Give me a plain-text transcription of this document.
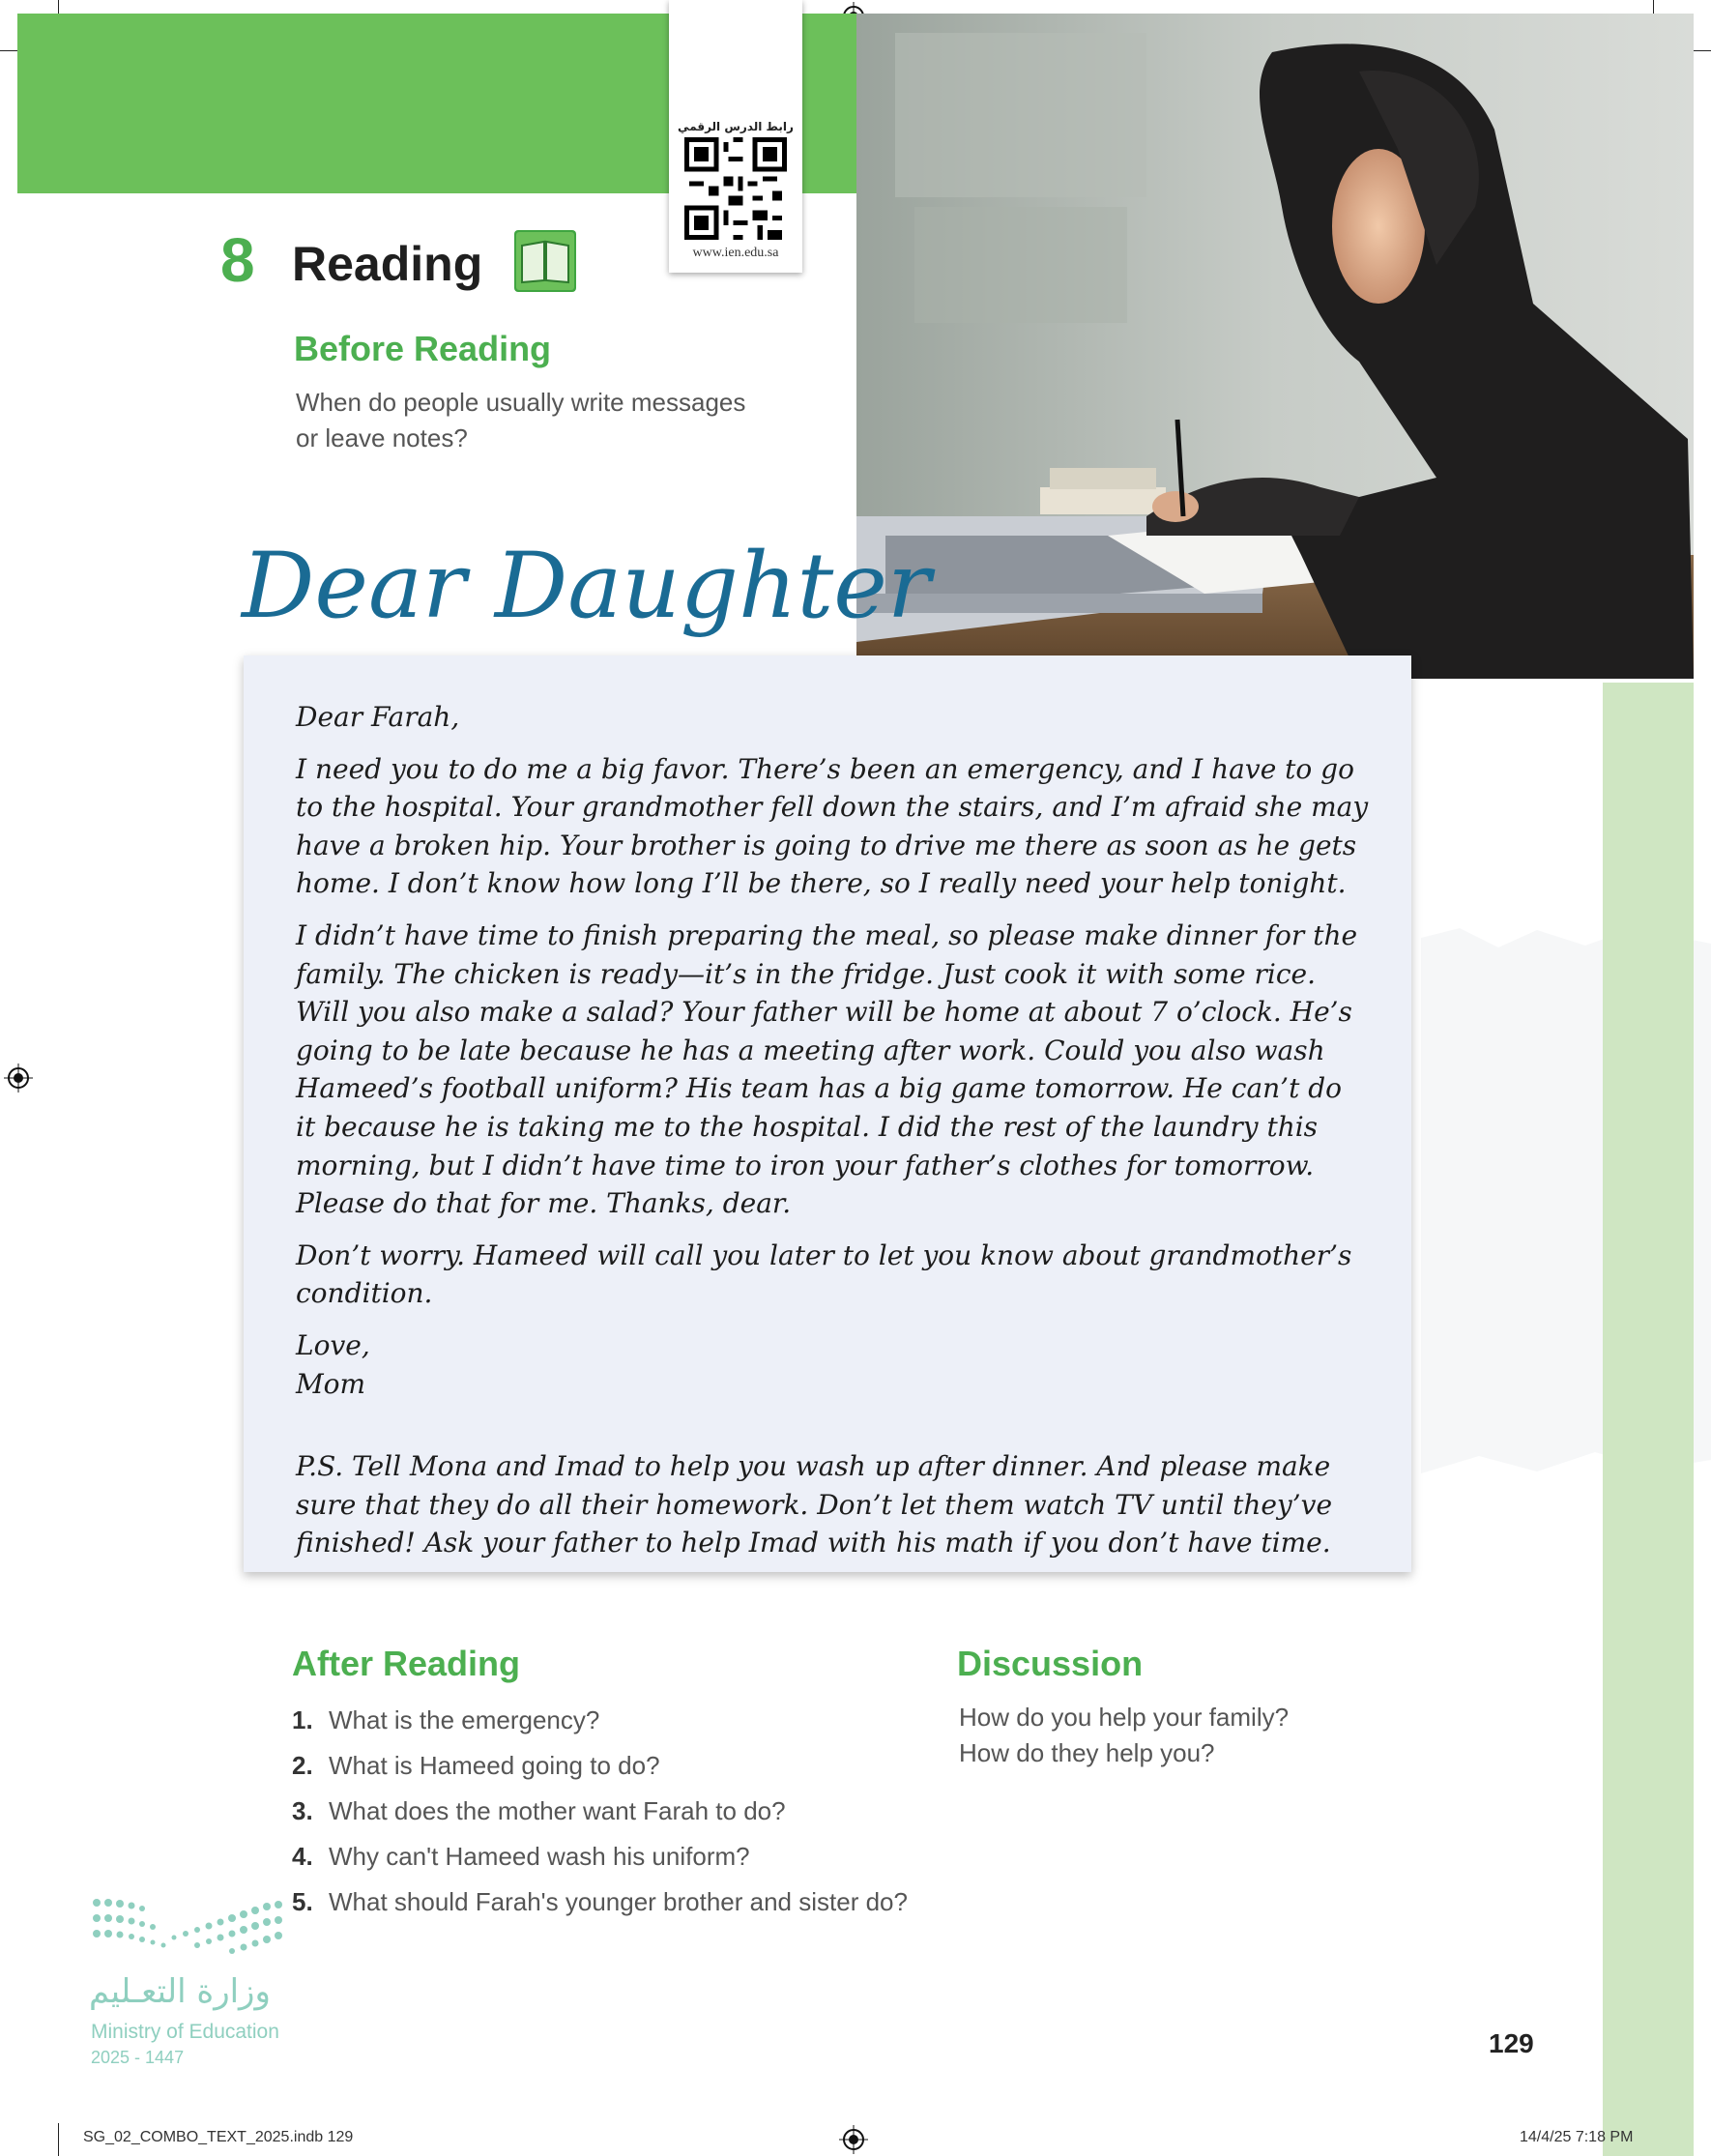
رابط الدرس الرقمي
www.ien.edu.sa
8 Reading
Before Reading
When do people usually write messages
or leave notes?
Dear Daughter

Dear Farah,

I need you to do me a big favor. There’s been an emergency, and I have to go to the hospital. Your grandmother fell down the stairs, and I’m afraid she may have a broken hip. Your brother is going to drive me there as soon as he gets home. I don’t know how long I’ll be there, so I really need your help tonight.

I didn’t have time to finish preparing the meal, so please make dinner for the family. The chicken is ready—it’s in the fridge. Just cook it with some rice. Will you also make a salad? Your father will be home at about 7 o’clock. He’s going to be late because he has a meeting after work. Could you also wash Hameed’s football uniform? His team has a big game tomorrow. He can’t do it because he is taking me to the hospital. I did the rest of the laundry this morning, but I didn’t have time to iron your father’s clothes for tomorrow. Please do that for me. Thanks, dear.

Don’t worry. Hameed will call you later to let you know about grandmother’s condition.

Love,

Mom

P.S. Tell Mona and Imad to help you wash up after dinner. And please make sure that they do all their homework. Don’t let them watch TV until they’ve finished! Ask your father to help Imad with his math if you don’t have time.

After Reading
1. What is the emergency?
2. What is Hameed going to do?
3. What does the mother want Farah to do?
4. Why can't Hameed wash his uniform?
5. What should Farah's younger brother and sister do?
Discussion
How do you help your family?
How do they help you?
وزارة التعـليم
Ministry of Education
2025 - 1447	129
SG_02_COMBO_TEXT_2025.indb 129	14/4/25 7:18 PM
